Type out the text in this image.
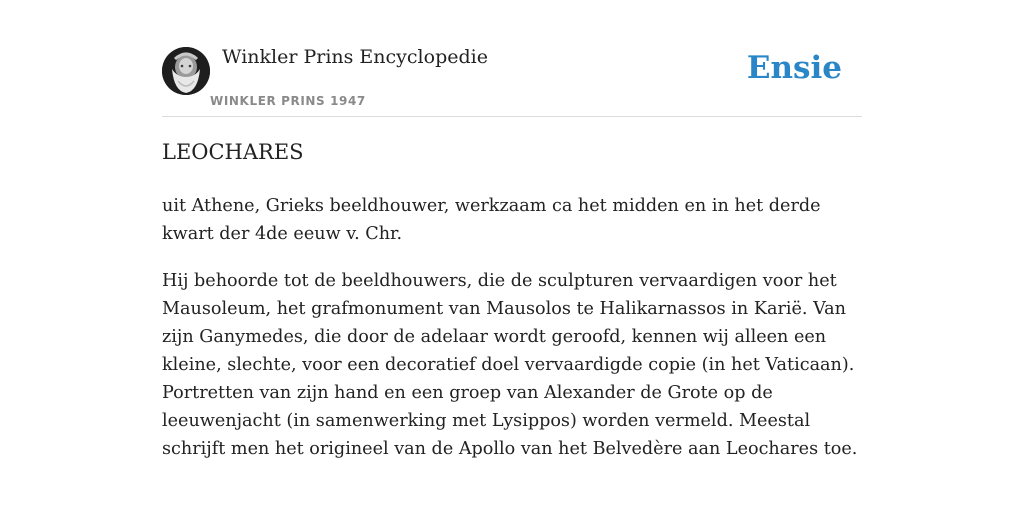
Winkler Prins Encyclopedie
WINKLER PRINS 1947
Ensie
LEOCHARES

uit Athene, Grieks beeldhouwer, werkzaam ca het midden en in het derde kwart der 4de eeuw v. Chr.

Hij behoorde tot de beeldhouwers, die de sculpturen vervaardigen voor het Mausoleum, het grafmonument van Mausolos te Halikarnassos in Karië. Van zijn Ganymedes, die door de adelaar wordt geroofd, kennen wij alleen een kleine, slechte, voor een decoratief doel vervaardigde copie (in het Vaticaan). Portretten van zijn hand en een groep van Alexander de Grote op de leeuwenjacht (in samenwerking met Lysippos) worden vermeld. Meestal schrijft men het origineel van de Apollo van het Belvedère aan Leochares toe.
